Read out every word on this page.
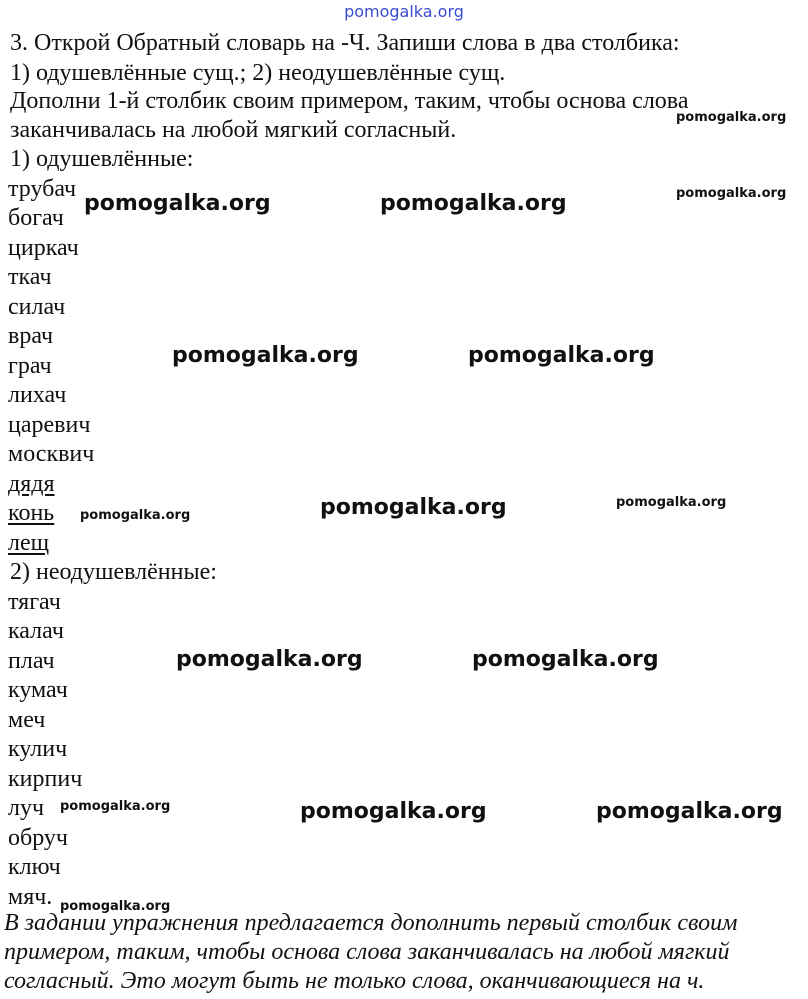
pomogalka.org

3. Открой Обратный словарь на -Ч. Запиши слова в два столбика:

1) одушевлённые сущ.; 2) неодушевлённые сущ.

Дополни 1-й столбик своим примером, таким, чтобы основа слова

заканчивалась на любой мягкий согласный.

1) одушевлённые:

трубач
богач
циркач
ткач
силач
врач
грач
лихач
царевич
москвич
дядя
конь
лещ

2) неодушевлённые:

тягач
калач
плач
кумач
меч
кулич
кирпич
луч
обруч
ключ
мяч.
В задании упражнения предлагается дополнить первый столбик своим
примером, таким, чтобы основа слова заканчивалась на любой мягкий
согласный. Это могут быть не только слова, оканчивающиеся на ч.
pomogalka.org
pomogalka.org
pomogalka.org	pomogalka.org
pomogalka.org	pomogalka.org
pomogalka.org	pomogalka.org	pomogalka.org
pomogalka.org	pomogalka.org
pomogalka.org	pomogalka.org	pomogalka.org
pomogalka.org
